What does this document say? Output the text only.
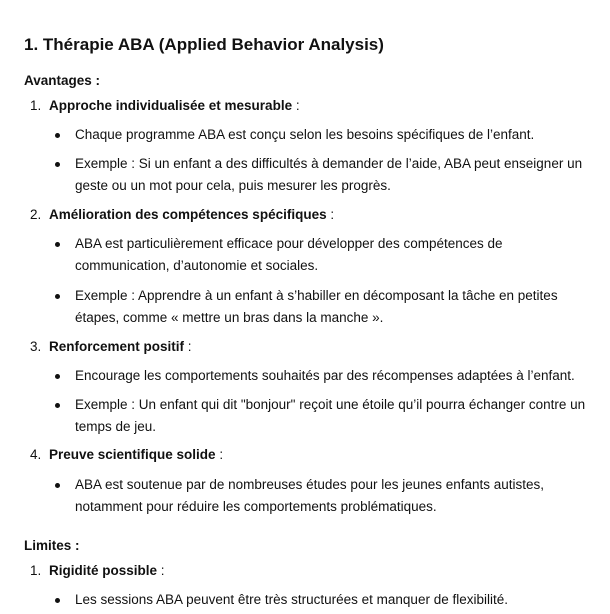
1. Thérapie ABA (Applied Behavior Analysis)
Avantages :
1. Approche individualisée et mesurable :
Chaque programme ABA est conçu selon les besoins spécifiques de l’enfant.
Exemple : Si un enfant a des difficultés à demander de l’aide, ABA peut enseigner un geste ou un mot pour cela, puis mesurer les progrès.
2. Amélioration des compétences spécifiques :
ABA est particulièrement efficace pour développer des compétences de communication, d’autonomie et sociales.
Exemple : Apprendre à un enfant à s’habiller en décomposant la tâche en petites étapes, comme « mettre un bras dans la manche ».
3. Renforcement positif :
Encourage les comportements souhaités par des récompenses adaptées à l’enfant.
Exemple : Un enfant qui dit "bonjour" reçoit une étoile qu’il pourra échanger contre un temps de jeu.
4. Preuve scientifique solide :
ABA est soutenue par de nombreuses études pour les jeunes enfants autistes, notamment pour réduire les comportements problématiques.
Limites :
1. Rigidité possible :
Les sessions ABA peuvent être très structurées et manquer de flexibilité.
